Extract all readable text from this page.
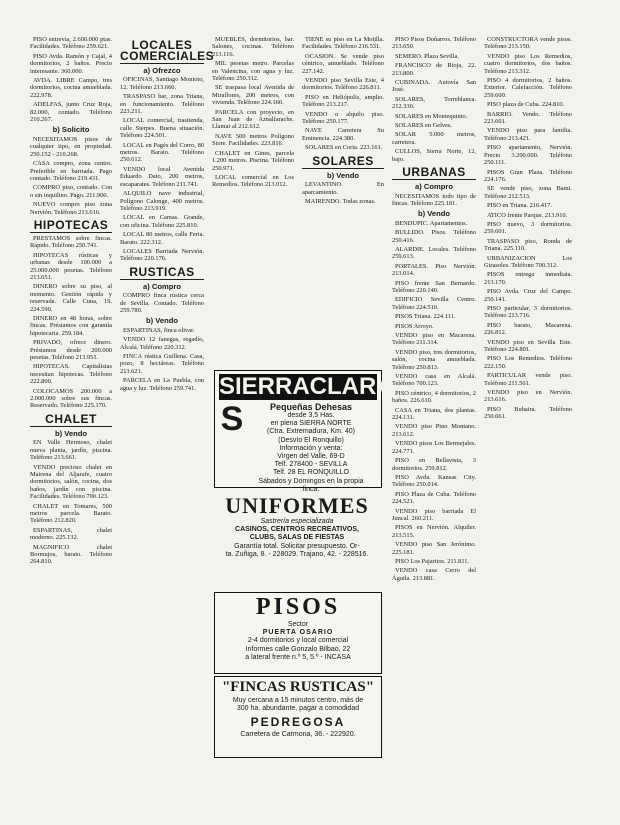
PISO entrevía, 2.600.000 ptas. Facilidades. Teléfono 259.621.

PISO Avda. Ramón y Cajal, 4 dormitorios, 2 baños. Precio interesante. 360.000.

AVDA. LIBRE Campo, tres dormitorios, cocina amueblada. 222.978.

ADELFAS, junto Cruz Roja, 82.000, contado. Teléfono 210.267.

b) Solicito

NECESITAMOS pisos de cualquier tipo, en propiedad. 250.152 - 210.268.

CASA compro, zona centro. Preferible en barriada. Pago contado. Teléfono 219.431.

COMPRO piso, contado. Con o sin inquilino. Pago. 211.900.

NUEVO compro piso zona Nervión. Teléfono 213.616.

HIPOTECAS

PRESTAMOS sobre fincas. Rápido. Teléfono 250.741.

HIPOTECAS rústicas y urbanas desde 100.000 a 25.000.000 pesetas. Teléfono 213.651.

DINERO sobre su piso, al momento. Gestión rápida y reservada. Calle Cuna, 19. 224.590.

DINERO en 48 horas, sobre fincas. Préstamos con garantía hipotecaria. 259.184.

PRIVADO, ofrece dinero. Préstamos desde 200.000 pesetas. Teléfono 213.951.

HIPOTECAS. Capitalistas necesitan hipotecas. Teléfono 222.800.

COLOCAMOS 200.000 a 2.000.000 sobre sus fincas. Reservado. Teléfono 225.170.

CHALET
b) Vendo

EN Valle Hermoso, chalet nueva planta, jardín, piscina. Teléfono 213.661.

VENDO precioso chalet en Mairena del Aljarafe, cuatro dormitorios, salón, cocina, dos baños, jardín con piscina. Facilidades. Teléfono 700.123.

CHALET en Tomares, 500 metros parcela. Barato. Teléfono 212.820.

ESPARTINAS, chalet moderno. 225.132.

MAGNIFICO chalet Bormujos, barato. Teléfono 264.810.

LOCALES COMERCIALES
a) Ofrezco

OFICINAS, Santiago Montoto, 12. Teléfono 213.660.

TRASPASO bar, zona Triana, en funcionamiento. Teléfono 223.211.

LOCAL comercial, trastienda, calle Sierpes. Buena situación. Teléfono 224.501.

LOCAL en Pagés del Corro, 80 metros. Barato. Teléfono 250.612.

VENDO local Avenida Eduardo Dato, 200 metros, escaparates. Teléfono 211.741.

ALQUILO nave industrial, Polígono Calonge, 400 metros. Teléfono 213.919.

LOCAL en Camas. Grande, con oficina. Teléfono 225.810.

LOCAL 80 metros, calle Feria. Barato. 222.312.

LOCALES Barriada Nervión. Teléfono 220.176.

RUSTICAS
a) Compro

COMPRO finca rústica cerca de Sevilla. Contado. Teléfono 259.780.

b) Vendo

ESPARTINAS, finca olivar.

VENDO 12 fanegas, regadío, Alcalá. Teléfono 220.312.

FINCA rústica Guillena. Casa, pozo, 8 hectáreas. Teléfono 213.621.

PARCELA en La Puebla, con agua y luz. Teléfono 259.741.

MUEBLES, dormitorios, bar. Salones, cocinas. Teléfono 213.116.

MIL pesetas metro. Parcelas en Valencina, con agua y luz. Teléfono 250.312.

SE traspasa local Avenida de Miraflores, 200 metros, con vivienda. Teléfono 224.160.

PARCELA con proyecto, en San Juan de Aznalfarache. Llamar al 212.612.

NAVE 500 metros Polígono Store. Facilidades. 223.816.

CHALET en Gines, parcela 1.200 metros. Piscina. Teléfono 250.971.

LOCAL comercial en Los Remedios. Teléfono 213.012.

TIENE su piso en La Motilla. Facilidades. Teléfono 216.531.

OCASION. Se vende piso céntrico, amueblado. Teléfono 227.142.

VENDO piso Sevilla Este, 4 dormitorios. Teléfono 226.811.

PISO en Heliópolis, amplio. Teléfono 213.217.

VENDO o alquilo piso. Teléfono 250.177.

NAVE Carretera Su Eminencia. 224.380.

SOLARES en Coria. 223.161.

SOLARES
b) Vendo

LEVANTINO. En aparcamiento.

MAIRENDO. Todas zonas.

PISO Pisos Doñarros. Teléfono 213.650.

SEMERO. Plaza Sevilla.

FRANCISCO de Rioja, 22. 213.800.

CUBINADA. Autovía San José.

SOLARES, Torreblanca. 212.330.

SOLARES en Montequinto.

SOLARES en Gelves.

SOLAR 5.000 metros, carretera.

CULLOS, Sierra Norte, 12, bajo.

URBANAS
a) Compro

NECESITAMOS todo tipo de fincas. Teléfono 225.181.

b) Vendo

BENDUPIC. Apartamentos.

BULLIDO. Pisos. Teléfono 250.416.

ALARDIE. Locales. Teléfono 259.613.

PORTALES. Piso Nervión. 213.014.

PISO frente San Bernardo. Teléfono 220.140.

EDIFICIO Sevilla Centro. Teléfono 224.510.

PISOS Triana. 224.111.

PISOS Arroyo.

VENDO piso en Macarena. Teléfono 211.314.

VENDO piso, tres dormitorios, salón, cocina amueblada. Teléfono 250.813.

VENDO casa en Alcalá. Teléfono 700.123.

PISO céntrico, 4 dormitorios, 2 baños. 226.610.

CASA en Triana, dos plantas. 224.131.

VENDO piso Pino Montano. 213.612.

VENDO pisos Los Bermejales. 224.771.

PISO en Bellavista, 3 dormitorios. 259.812.

PISO Avda. Kansas City. Teléfono 250.014.

PISO Plaza de Cuba. Teléfono 224.521.

VENDO piso barriada El Juncal. 260.211.

PISOS en Nervión. Alquiler. 213.515.

VENDO piso San Jerónimo. 225.181.

PISO Los Pajaritos. 211.811.

VENDO casa Cerro del Águila. 213.881.

CONSTRUCTORA vende pisos. Teléfono 213.150.

VENDO piso Los Remedios, cuatro dormitorios, dos baños. Teléfono 213.312.

PISO 4 dormitorios, 2 baños. Exterior. Calefacción. Teléfono 259.600.

PISO plaza de Cuba. 224.810.

BARRIO. Vendo. Teléfono 223.601.

VENDO piso para familia. Teléfono 213.421.

PISO apartamento, Nervión. Precio 3.200.000. Teléfono 250.111.

PISOS Gran Plaza. Teléfono 224.176.

SE vende piso, zona Bami. Teléfono 212.513.

PISO en Triana. 216.417.

ATICO frente Parque. 213.910.

PISO nuevo, 3 dormitorios. 259.601.

TRASPASO piso, Ronda de Triana. 225.110.

URBANIZACION Los Girasoles. Teléfono 700.312.

PISOS entrega inmediata. 213.170.

PISO Avda. Cruz del Campo. 250.141.

PISO particular, 3 dormitorios. Teléfono 213.716.

PISO barato, Macarena. 226.812.

VENDO piso en Sevilla Este. Teléfono 224.801.

PISO Los Remedios. Teléfono 222.150.

PARTICULAR vende piso. Teléfono 211.561.

VENDO piso en Nervión. 213.616.

PISO Buhaira. Teléfono 250.661.

SIERRACLARA
S	Pequeñas Dehesas
desde 3,5 Has.
en plena SIERRA NORTE
(Ctra. Extremadura, Km. 40)
(Desvío El Ronquillo)
Información y venta:
Virgen del Valle, 69-D
Telf. 278400 - SEVILLA
Telf. 28 EL RONQUILLO
Sábados y Domingos en la propia
finca.
UNIFORMES
Sastrería especializada
CASINOS, CENTROS RECREATIVOS,
CLUBS, SALAS DE FIESTAS
Garantía total. Solicitar presupuesto. Or-
ta. Zuñiga, 8. - 228029. Trajano, 42. - 228516.
PISOS
Sector
PUERTA OSARIO
2-4 dormitorios y local comercial
Informes calle Gonzalo Bilbao, 22
a lateral frente n.º 5, 5.º - INCASA
"FINCAS RUSTICAS"
Muy cercana a 15 minutos centro, más de
300 ha. abundante, pagar a comodidad
PEDREGOSA
Carretera de Carmona, 36. - 222920.
